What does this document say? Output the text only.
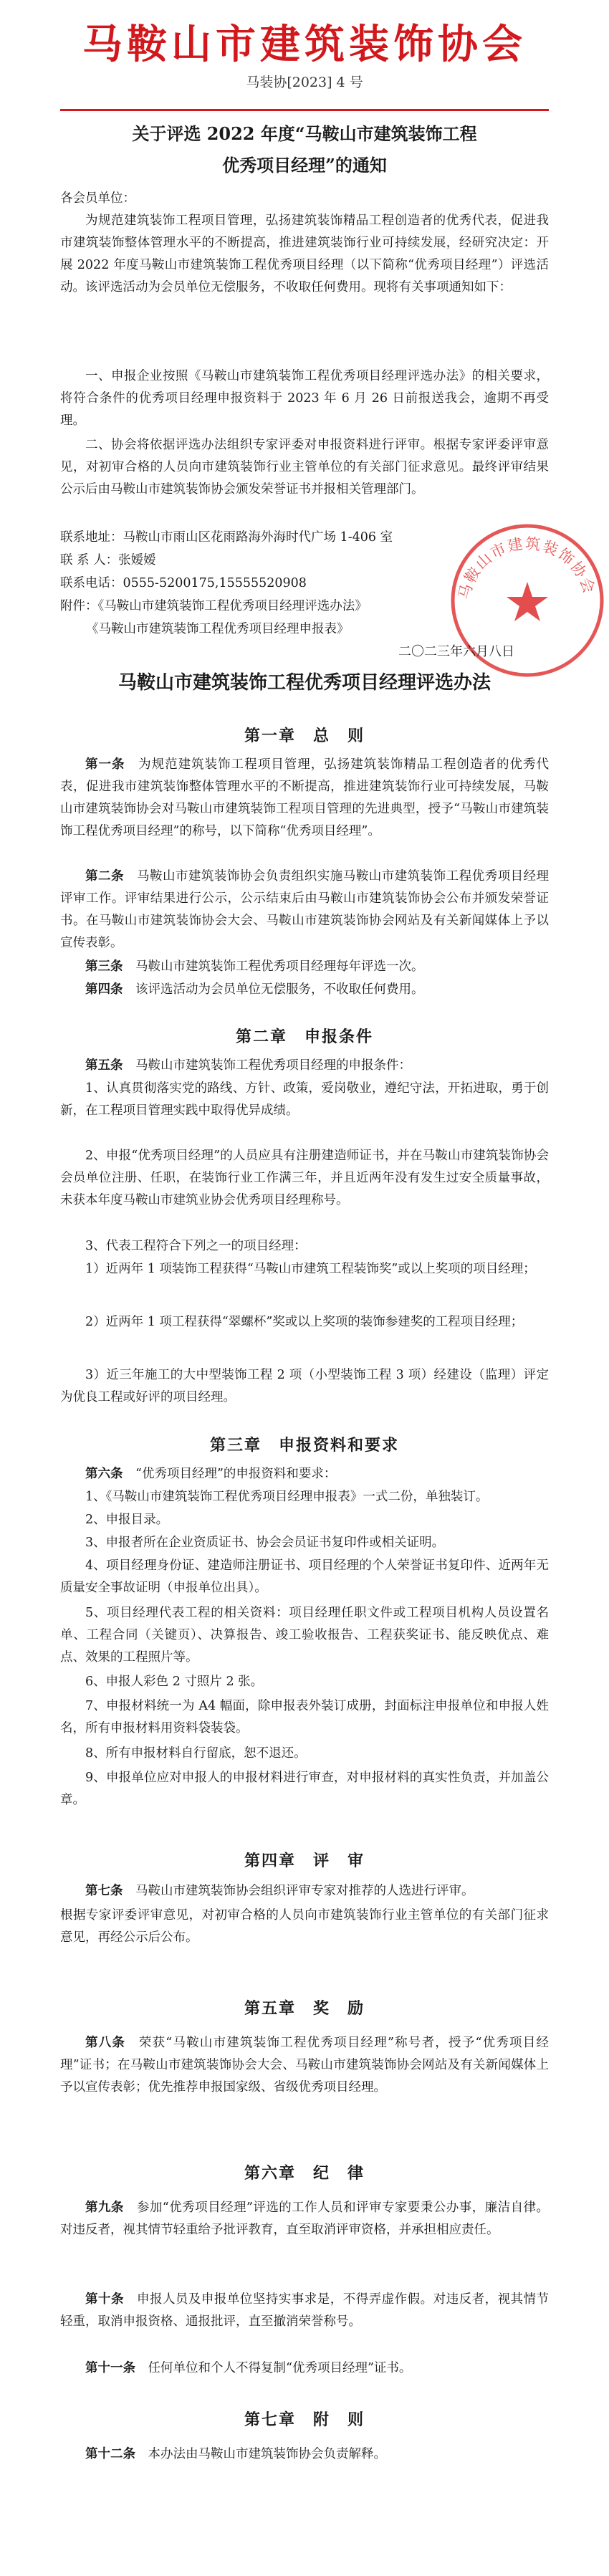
马鞍山市建筑装饰协会
马装协[2023] 4 号
关于评选 2022 年度“马鞍山市建筑装饰工程
优秀项目经理”的通知
各会员单位：
为规范建筑装饰工程项目管理，弘扬建筑装饰精品工程创造者的优秀代表，促进我市建筑装饰整体管理水平的不断提高，推进建筑装饰行业可持续发展，经研究决定：开展 2022 年度马鞍山市建筑装饰工程优秀项目经理（以下简称“优秀项目经理”）评选活动。该评选活动为会员单位无偿服务，不收取任何费用。现将有关事项通知如下：
一、申报企业按照《马鞍山市建筑装饰工程优秀项目经理评选办法》的相关要求，将符合条件的优秀项目经理申报资料于 2023 年 6 月 26 日前报送我会，逾期不再受理。
二、协会将依据评选办法组织专家评委对申报资料进行评审。根据专家评委评审意见，对初审合格的人员向市建筑装饰行业主管单位的有关部门征求意见。最终评审结果公示后由马鞍山市建筑装饰协会颁发荣誉证书并报相关管理部门。
联系地址：马鞍山市雨山区花雨路海外海时代广场 1-406 室
联 系 人：张嫒嫒
联系电话：0555-5200175,15555520908
附件：《马鞍山市建筑装饰工程优秀项目经理评选办法》
《马鞍山市建筑装饰工程优秀项目经理申报表》
马鞍山市建筑装饰协会
二〇二三年六月八日
马鞍山市建筑装饰工程优秀项目经理评选办法
第一章　总　则
第一条　 为规范建筑装饰工程项目管理，弘扬建筑装饰精品工程创造者的优秀代表，促进我市建筑装饰整体管理水平的不断提高，推进建筑装饰行业可持续发展，马鞍山市建筑装饰协会对马鞍山市建筑装饰工程项目管理的先进典型，授予“马鞍山市建筑装饰工程优秀项目经理”的称号，以下简称“优秀项目经理”。
第二条　 马鞍山市建筑装饰协会负责组织实施马鞍山市建筑装饰工程优秀项目经理评审工作。评审结果进行公示，公示结束后由马鞍山市建筑装饰协会公布并颁发荣誉证书。在马鞍山市建筑装饰协会大会、马鞍山市建筑装饰协会网站及有关新闻媒体上予以宣传表彰。
第三条　 马鞍山市建筑装饰工程优秀项目经理每年评选一次。
第四条　 该评选活动为会员单位无偿服务，不收取任何费用。
第二章　申报条件
第五条　 马鞍山市建筑装饰工程优秀项目经理的申报条件：
1、认真贯彻落实党的路线、方针、政策，爱岗敬业，遵纪守法，开拓进取，勇于创新，在工程项目管理实践中取得优异成绩。
2、申报“优秀项目经理”的人员应具有注册建造师证书，并在马鞍山市建筑装饰协会会员单位注册、任职，在装饰行业工作满三年，并且近两年没有发生过安全质量事故，未获本年度马鞍山市建筑业协会优秀项目经理称号。
3、代表工程符合下列之一的项目经理：
1）近两年 1 项装饰工程获得“马鞍山市建筑工程装饰奖”或以上奖项的项目经理；
2）近两年 1 项工程获得“翠螺杯”奖或以上奖项的装饰参建奖的工程项目经理；
3）近三年施工的大中型装饰工程 2 项（小型装饰工程 3 项）经建设（监理）评定为优良工程或好评的项目经理。
第三章　申报资料和要求
第六条　 “优秀项目经理”的申报资料和要求：
1、《马鞍山市建筑装饰工程优秀项目经理申报表》一式二份，单独装订。
2、申报目录。
3、申报者所在企业资质证书、协会会员证书复印件或相关证明。
4、项目经理身份证、建造师注册证书、项目经理的个人荣誉证书复印件、近两年无质量安全事故证明（申报单位出具）。
5、项目经理代表工程的相关资料：项目经理任职文件或工程项目机构人员设置名单、工程合同（关键页）、决算报告、竣工验收报告、工程获奖证书、能反映优点、难点、效果的工程照片等。
6、申报人彩色 2 寸照片 2 张。
7、申报材料统一为 A4 幅面，除申报表外装订成册，封面标注申报单位和申报人姓名，所有申报材料用资料袋装袋。
8、所有申报材料自行留底，恕不退还。
9、申报单位应对申报人的申报材料进行审查，对申报材料的真实性负责，并加盖公章。
第四章　评　审
第七条　 马鞍山市建筑装饰协会组织评审专家对推荐的人选进行评审。
根据专家评委评审意见，对初审合格的人员向市建筑装饰行业主管单位的有关部门征求意见，再经公示后公布。
第五章　奖　励
第八条　 荣获“马鞍山市建筑装饰工程优秀项目经理”称号者，授予“优秀项目经理”证书；在马鞍山市建筑装饰协会大会、马鞍山市建筑装饰协会网站及有关新闻媒体上予以宣传表彰；优先推荐申报国家级、省级优秀项目经理。
第六章　纪　律
第九条　 参加“优秀项目经理”评选的工作人员和评审专家要秉公办事，廉洁自律。对违反者，视其情节轻重给予批评教育，直至取消评审资格，并承担相应责任。
第十条　 申报人员及申报单位坚持实事求是，不得弄虚作假。对违反者，视其情节轻重，取消申报资格、通报批评，直至撤消荣誉称号。
第十一条　 任何单位和个人不得复制“优秀项目经理”证书。
第七章　附　则
第十二条　 本办法由马鞍山市建筑装饰协会负责解释。
